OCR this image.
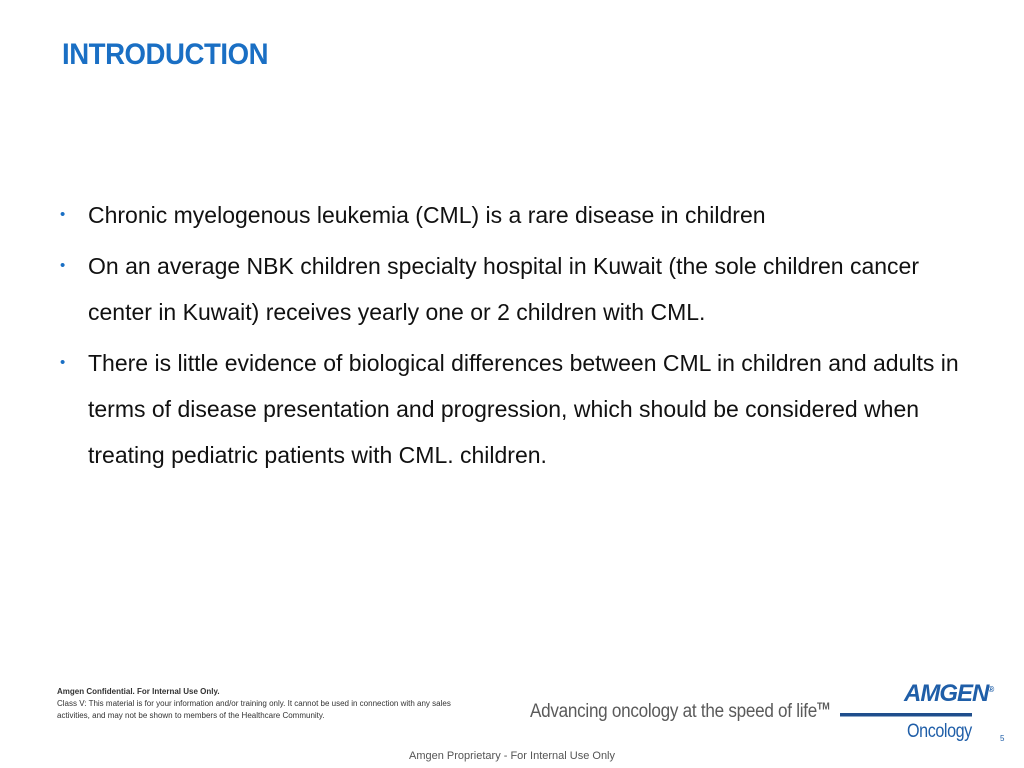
INTRODUCTION
• Chronic myelogenous leukemia (CML) is a rare disease in children
• On an average NBK children specialty hospital in Kuwait (the sole children cancer center in Kuwait) receives yearly one or 2 children with CML.
• There is little evidence of biological differences between CML in children and adults in terms of disease presentation and progression, which should be considered when treating pediatric patients with CML. children.
Amgen Confidential. For Internal Use Only.
Class V: This material is for your information and/or training only. It cannot be used in connection with any sales activities, and may not be shown to members of the Healthcare Community.	Advancing oncology at the speed of life™
AMGEN®
Oncology	5
Amgen Proprietary - For Internal Use Only
